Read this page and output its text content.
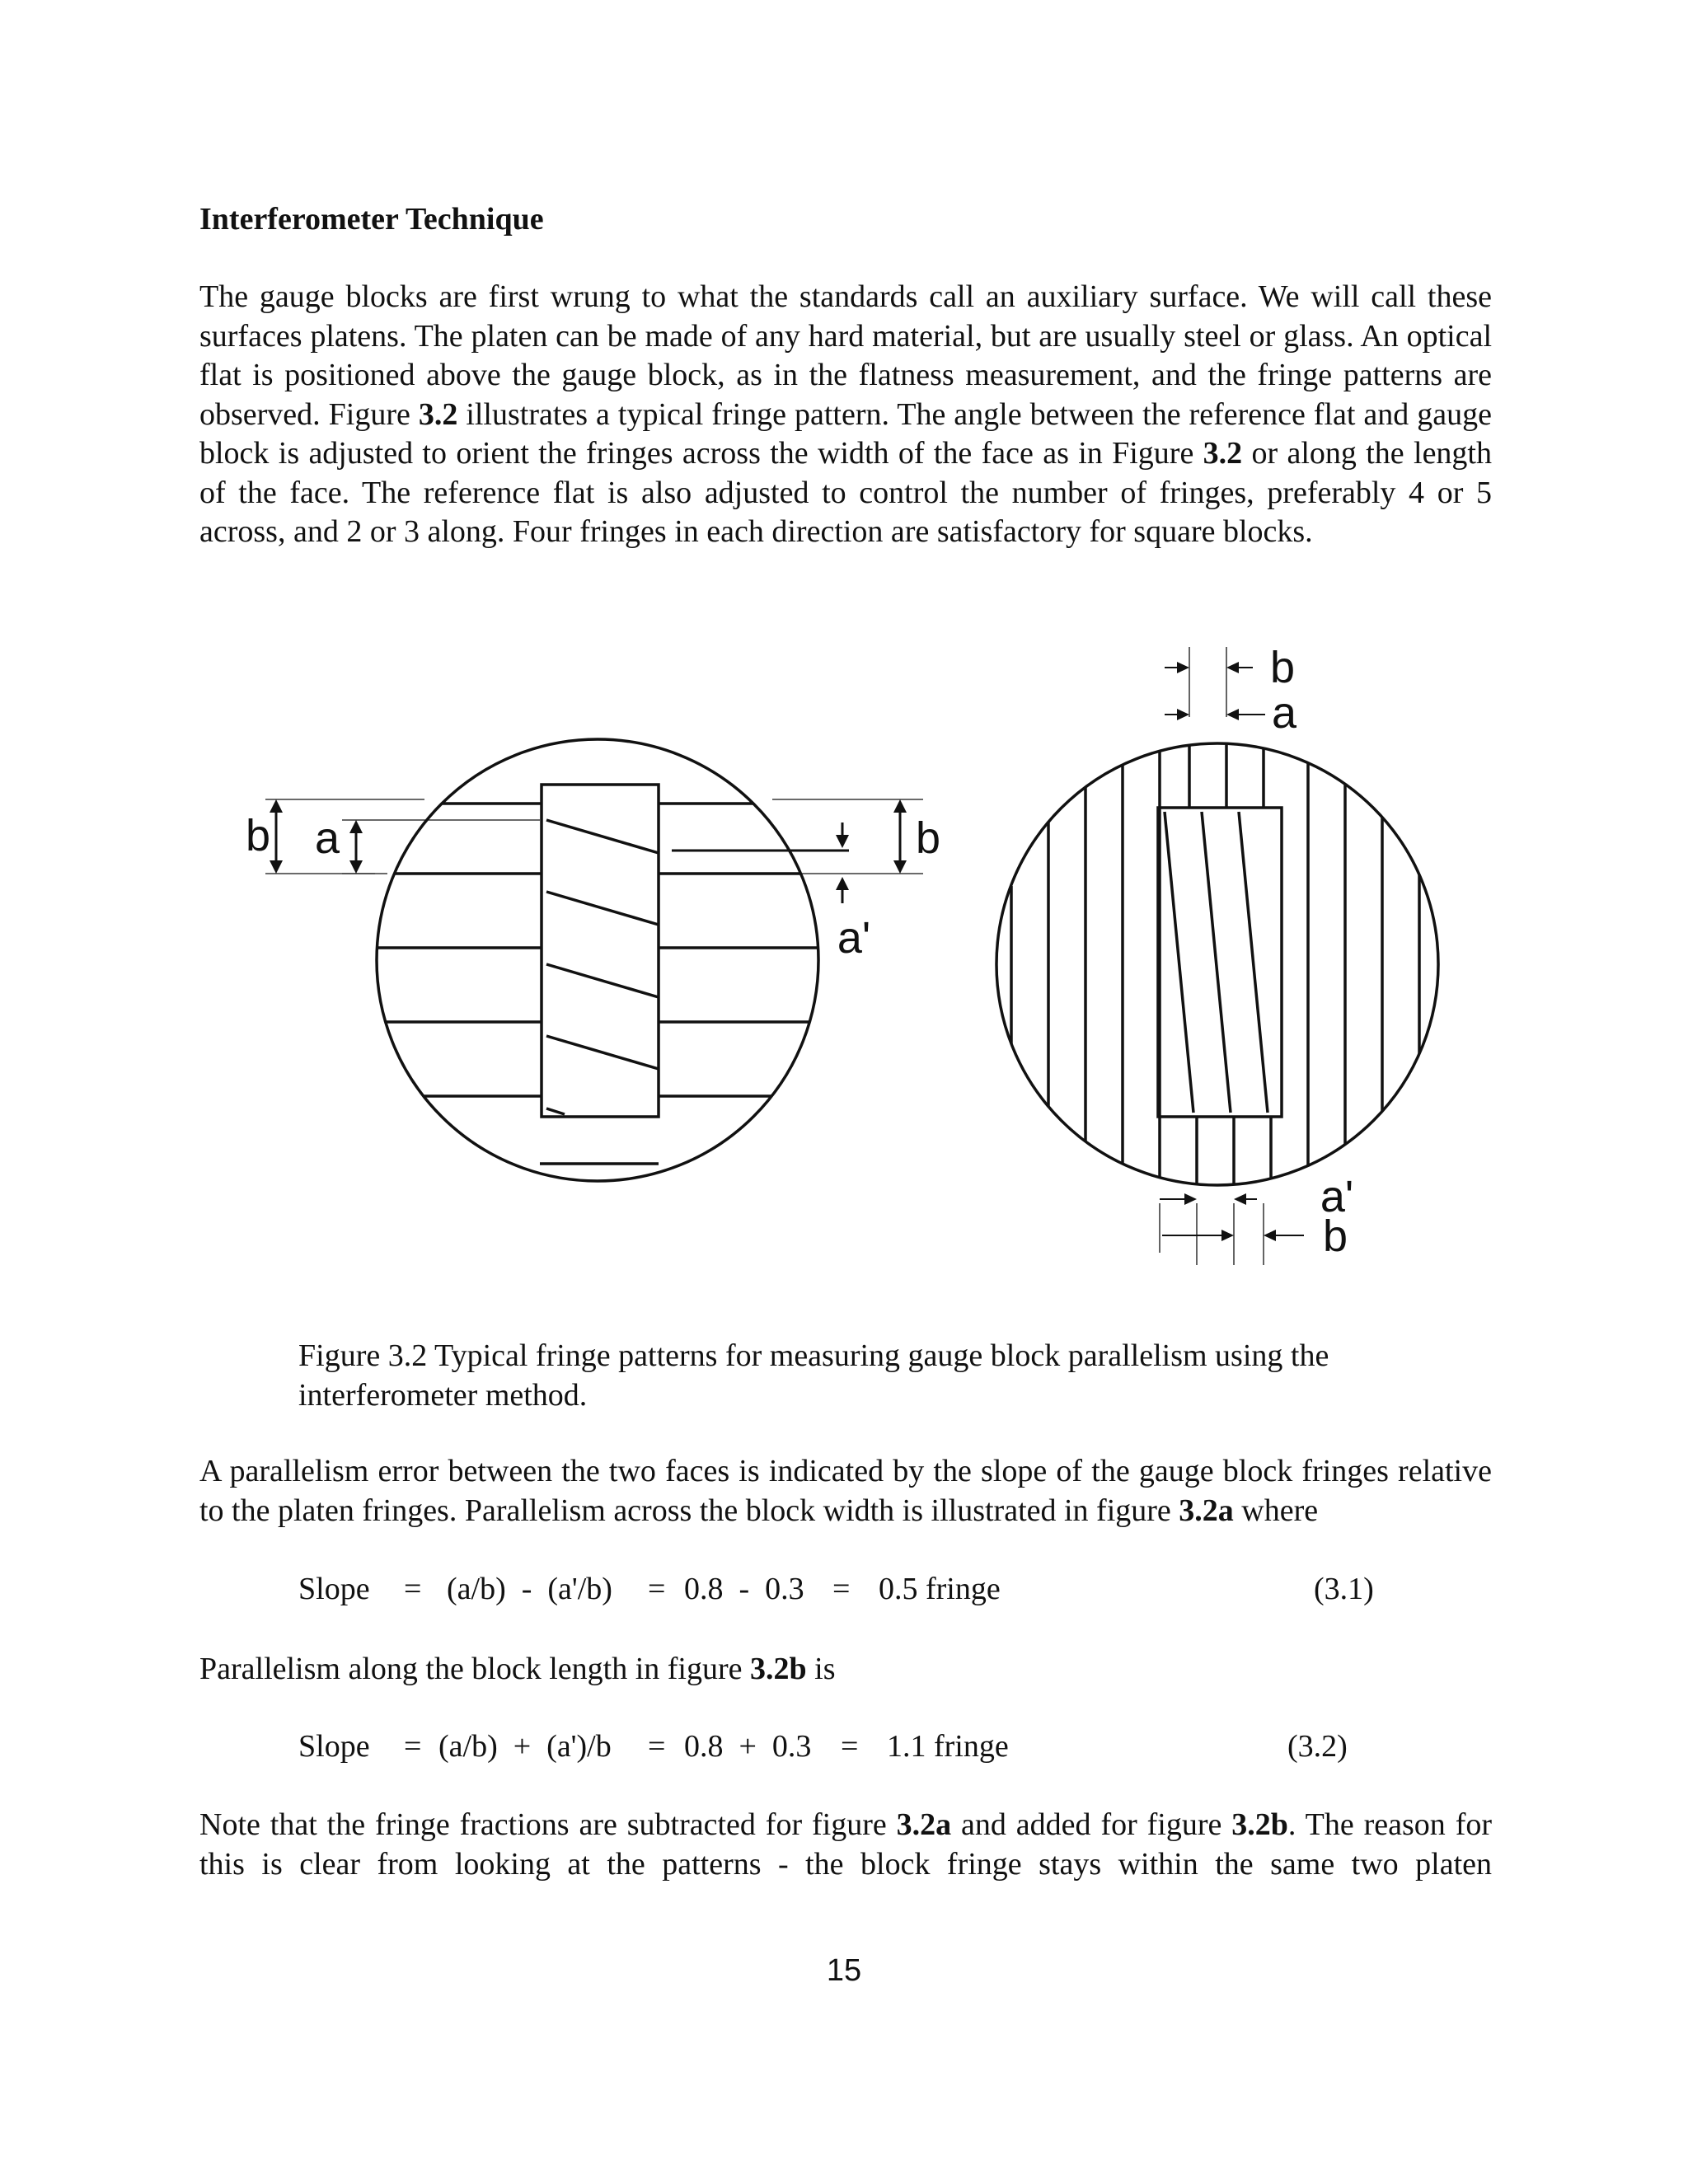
Interferometer Technique

The gauge blocks are first wrung to what the standards call an auxiliary surface. We will call these surfaces platens. The platen can be made of any hard material, but are usually steel or glass. An optical flat is positioned above the gauge block, as in the flatness measurement, and the fringe patterns are observed. Figure 3.2 illustrates a typical fringe pattern. The angle between the reference flat and gauge block is adjusted to orient the fringes across the width of the face as in Figure 3.2 or along the length of the face. The reference flat is also adjusted to control the number of fringes, preferably 4 or 5 across, and 2 or 3 along. Four fringes in each direction are satisfactory for square blocks.

b a	b
a'
b
a
a'
b

Figure 3.2 Typical fringe patterns for measuring gauge block parallelism using the interferometer method.

A parallelism error between the two faces is indicated by the slope of the gauge block fringes relative to the platen fringes. Parallelism across the block width is illustrated in figure 3.2a where

Slope = (a/b)  -  (a'/b) = 0.8  -  0.3 = 0.5 fringe	(3.1)

Parallelism along the block length in figure 3.2b is

Slope = (a/b)  +  (a')/b = 0.8  +  0.3 = 1.1 fringe	(3.2)

Note that the fringe fractions are subtracted for figure 3.2a and added for figure 3.2b. The reason for this is clear from looking at the patterns - the block fringe stays within the same two platen

15
